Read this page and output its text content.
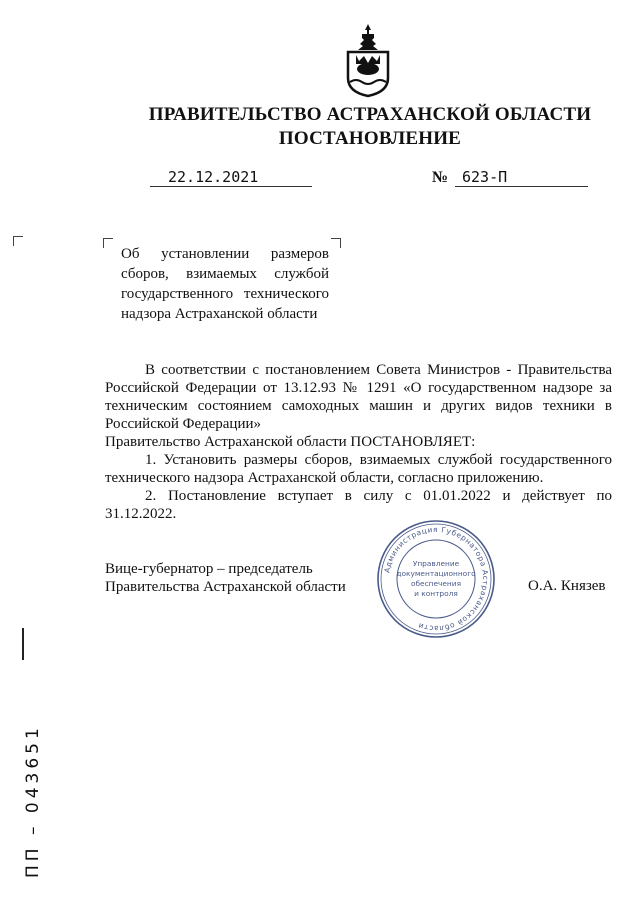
ПРАВИТЕЛЬСТВО АСТРАХАНСКОЙ ОБЛАСТИ
ПОСТАНОВЛЕНИЕ
22.12.2021	№ 623-П
Об установлении размеров сборов, взимаемых службой государственного технического надзора Астраханской области

В соответствии с постановлением Совета Министров - Правительства Российской Федерации от 13.12.93 № 1291 «О государственном надзоре за техническим состоянием самоходных машин и других видов техники в Российской Федерации»

Правительство Астраханской области ПОСТАНОВЛЯЕТ:

1. Установить размеры сборов, взимаемых службой государственного технического надзора Астраханской области, согласно приложению.

2. Постановление вступает в силу с 01.01.2022 и действует по 31.12.2022.

Вице-губернатор – председатель
Правительства Астраханской области	О.А. Князев
Администрация Губернатора Астраханской области
Управление
документационного
обеспечения
и контроля
ПП – 043651
